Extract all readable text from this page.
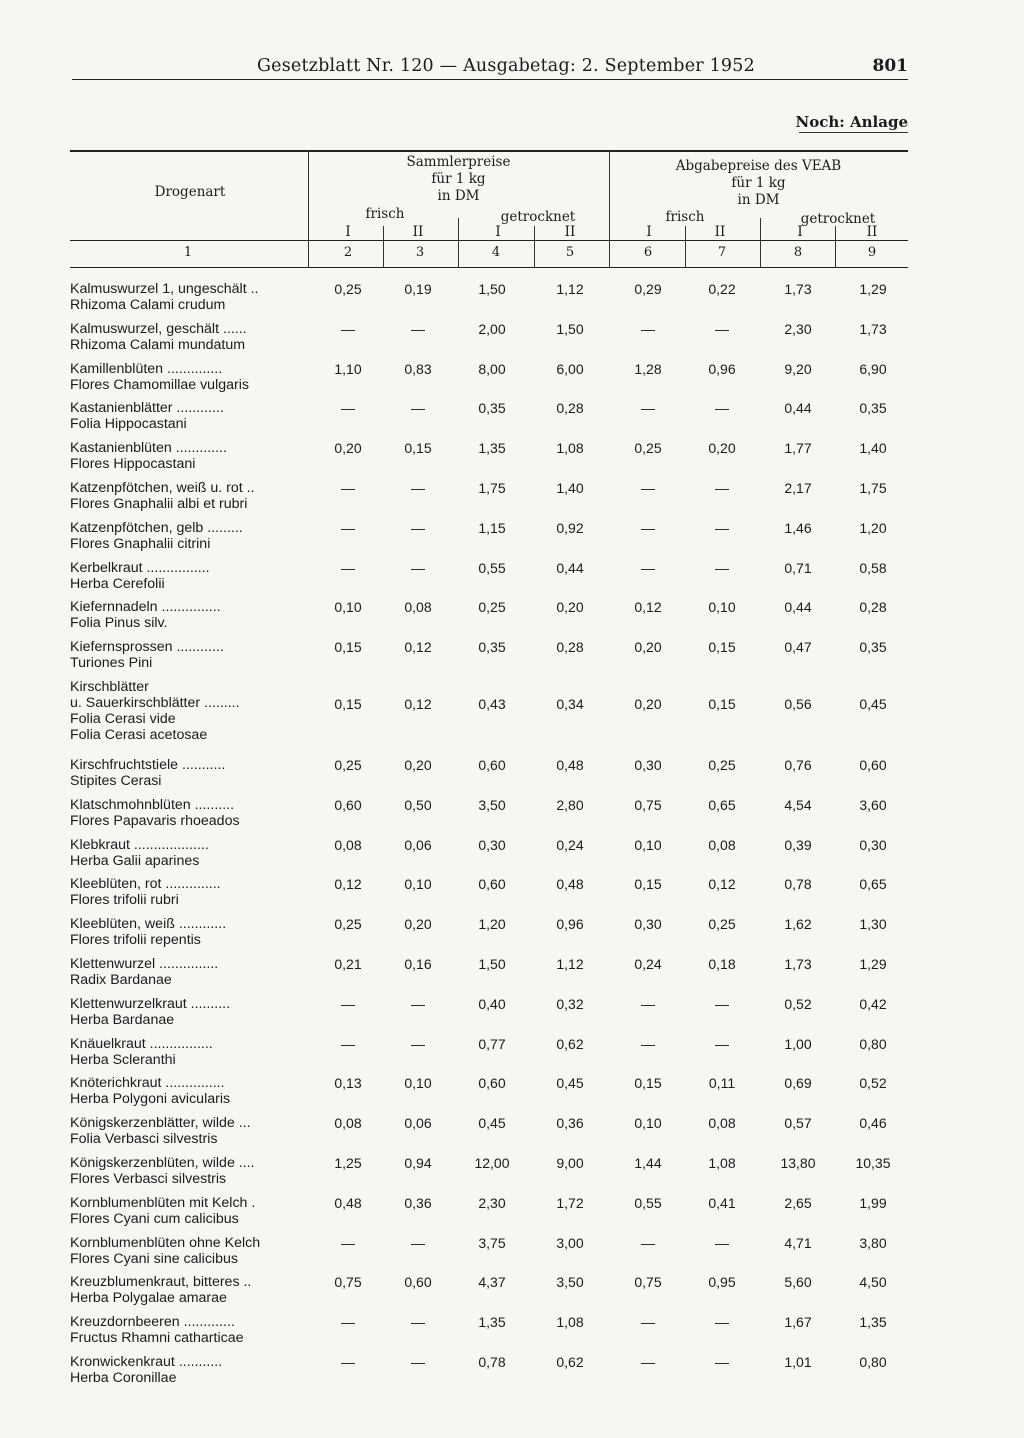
Gesetzblatt Nr. 120 — Ausgabetag: 2. September 1952	801
Noch: Anlage
Drogenart
Sammlerpreise
für 1 kg
in DM
Abgabepreise des VEAB
für 1 kg
in DM
frisch	getrocknet	frisch	getrocknet
I	II	I	II	I	II	I	II
1	2	3	4	5	6	7	8	9
Kalmuswurzel 1, ungeschält ..
Rhizoma Calami crudum
0,25	0,19	1,50	1,12	0,29	0,22	1,73	1,29
Kalmuswurzel, geschält ......
Rhizoma Calami mundatum
—	—	2,00	1,50	—	—	2,30	1,73
Kamillenblüten ..............
Flores Chamomillae vulgaris
1,10	0,83	8,00	6,00	1,28	0,96	9,20	6,90
Kastanienblätter ............
Folia Hippocastani
—	—	0,35	0,28	—	—	0,44	0,35
Kastanienblüten .............
Flores Hippocastani
0,20	0,15	1,35	1,08	0,25	0,20	1,77	1,40
Katzenpfötchen, weiß u. rot ..
Flores Gnaphalii albi et rubri
—	—	1,75	1,40	—	—	2,17	1,75
Katzenpfötchen, gelb .........
Flores Gnaphalii citrini
—	—	1,15	0,92	—	—	1,46	1,20
Kerbelkraut ................
Herba Cerefolii
—	—	0,55	0,44	—	—	0,71	0,58
Kiefernnadeln ...............
Folia Pinus silv.
0,10	0,08	0,25	0,20	0,12	0,10	0,44	0,28
Kiefernsprossen ............
Turiones Pini
0,15	0,12	0,35	0,28	0,20	0,15	0,47	0,35
Kirschblätter
u. Sauerkirschblätter .........
Folia Cerasi vide
Folia Cerasi acetosae
0,15	0,12	0,43	0,34	0,20	0,15	0,56	0,45
Kirschfruchtstiele ...........
Stipites Cerasi
0,25	0,20	0,60	0,48	0,30	0,25	0,76	0,60
Klatschmohnblüten ..........
Flores Papavaris rhoeados
0,60	0,50	3,50	2,80	0,75	0,65	4,54	3,60
Klebkraut ...................
Herba Galii aparines
0,08	0,06	0,30	0,24	0,10	0,08	0,39	0,30
Kleeblüten, rot ..............
Flores trifolii rubri
0,12	0,10	0,60	0,48	0,15	0,12	0,78	0,65
Kleeblüten, weiß ............
Flores trifolii repentis
0,25	0,20	1,20	0,96	0,30	0,25	1,62	1,30
Klettenwurzel ...............
Radix Bardanae
0,21	0,16	1,50	1,12	0,24	0,18	1,73	1,29
Klettenwurzelkraut ..........
Herba Bardanae
—	—	0,40	0,32	—	—	0,52	0,42
Knäuelkraut ................
Herba Scleranthi
—	—	0,77	0,62	—	—	1,00	0,80
Knöterichkraut ...............
Herba Polygoni avicularis
0,13	0,10	0,60	0,45	0,15	0,11	0,69	0,52
Königskerzenblätter, wilde ...
Folia Verbasci silvestris
0,08	0,06	0,45	0,36	0,10	0,08	0,57	0,46
Königskerzenblüten, wilde ....
Flores Verbasci silvestris
1,25	0,94	12,00	9,00	1,44	1,08	13,80	10,35
Kornblumenblüten mit Kelch .
Flores Cyani cum calicibus
0,48	0,36	2,30	1,72	0,55	0,41	2,65	1,99
Kornblumenblüten ohne Kelch
Flores Cyani sine calicibus
—	—	3,75	3,00	—	—	4,71	3,80
Kreuzblumenkraut, bitteres ..
Herba Polygalae amarae
0,75	0,60	4,37	3,50	0,75	0,95	5,60	4,50
Kreuzdornbeeren .............
Fructus Rhamni catharticae
—	—	1,35	1,08	—	—	1,67	1,35
Kronwickenkraut ...........
Herba Coronillae
—	—	0,78	0,62	—	—	1,01	0,80
